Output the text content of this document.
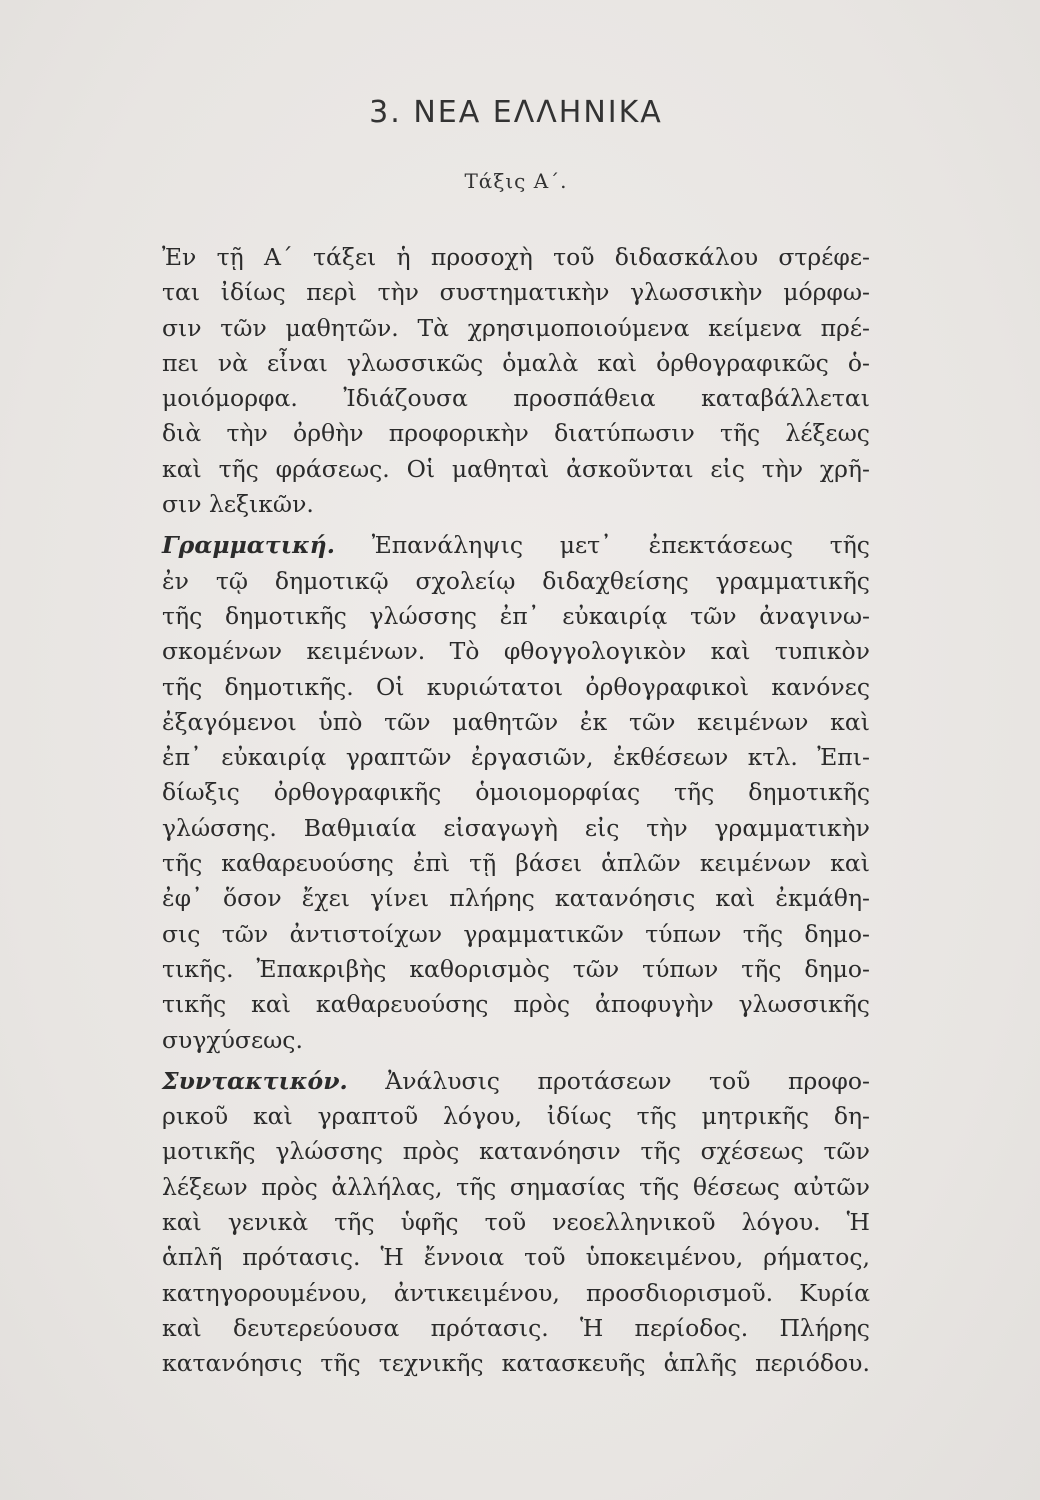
3. ΝΕΑ ΕΛΛΗΝΙΚΑ
Τάξις Α΄.
Ἐν τῇ Α΄ τάξει ἡ προσοχὴ τοῦ διδασκάλου στρέφε-
ται ἰδίως περὶ τὴν συστηματικὴν γλωσσικὴν μόρφω-
σιν τῶν μαθητῶν. Τὰ χρησιμοποιούμενα κείμενα πρέ-
πει νὰ εἶναι γλωσσικῶς ὁμαλὰ καὶ ὀρθογραφικῶς ὁ-
μοιόμορφα. Ἰδιάζουσα προσπάθεια καταβάλλεται
διὰ τὴν ὀρθὴν προφορικὴν διατύπωσιν τῆς λέξεως
καὶ τῆς φράσεως. Οἱ μαθηταὶ ἀσκοῦνται εἰς τὴν χρῆ-
σιν λεξικῶν.
Γραμματική. Ἐπανάληψις μετ᾽ ἐπεκτάσεως τῆς
ἐν τῷ δημοτικῷ σχολείῳ διδαχθείσης γραμματικῆς
τῆς δημοτικῆς γλώσσης ἐπ᾽ εὐκαιρίᾳ τῶν ἀναγινω-
σκομένων κειμένων. Τὸ φθογγολογικὸν καὶ τυπικὸν
τῆς δημοτικῆς. Οἱ κυριώτατοι ὀρθογραφικοὶ κανόνες
ἐξαγόμενοι ὑπὸ τῶν μαθητῶν ἐκ τῶν κειμένων καὶ
ἐπ᾽ εὐκαιρίᾳ γραπτῶν ἐργασιῶν, ἐκθέσεων κτλ. Ἐπι-
δίωξις ὀρθογραφικῆς ὁμοιομορφίας τῆς δημοτικῆς
γλώσσης. Βαθμιαία εἰσαγωγὴ εἰς τὴν γραμματικὴν
τῆς καθαρευούσης ἐπὶ τῇ βάσει ἁπλῶν κειμένων καὶ
ἐφ᾽ ὅσον ἔχει γίνει πλήρης κατανόησις καὶ ἐκμάθη-
σις τῶν ἀντιστοίχων γραμματικῶν τύπων τῆς δημο-
τικῆς. Ἐπακριβὴς καθορισμὸς τῶν τύπων τῆς δημο-
τικῆς καὶ καθαρευούσης πρὸς ἀποφυγὴν γλωσσικῆς
συγχύσεως.
Συντακτικόν. Ἀνάλυσις προτάσεων τοῦ προφο-
ρικοῦ καὶ γραπτοῦ λόγου, ἰδίως τῆς μητρικῆς δη-
μοτικῆς γλώσσης πρὸς κατανόησιν τῆς σχέσεως τῶν
λέξεων πρὸς ἀλλήλας, τῆς σημασίας τῆς θέσεως αὐτῶν
καὶ γενικὰ τῆς ὑφῆς τοῦ νεοελληνικοῦ λόγου. Ἡ
ἁπλῆ πρότασις. Ἡ ἔννοια τοῦ ὑποκειμένου, ρήματος,
κατηγορουμένου, ἀντικειμένου, προσδιορισμοῦ. Κυρία
καὶ δευτερεύουσα πρότασις. Ἡ περίοδος. Πλήρης
κατανόησις τῆς τεχνικῆς κατασκευῆς ἁπλῆς περιόδου.
